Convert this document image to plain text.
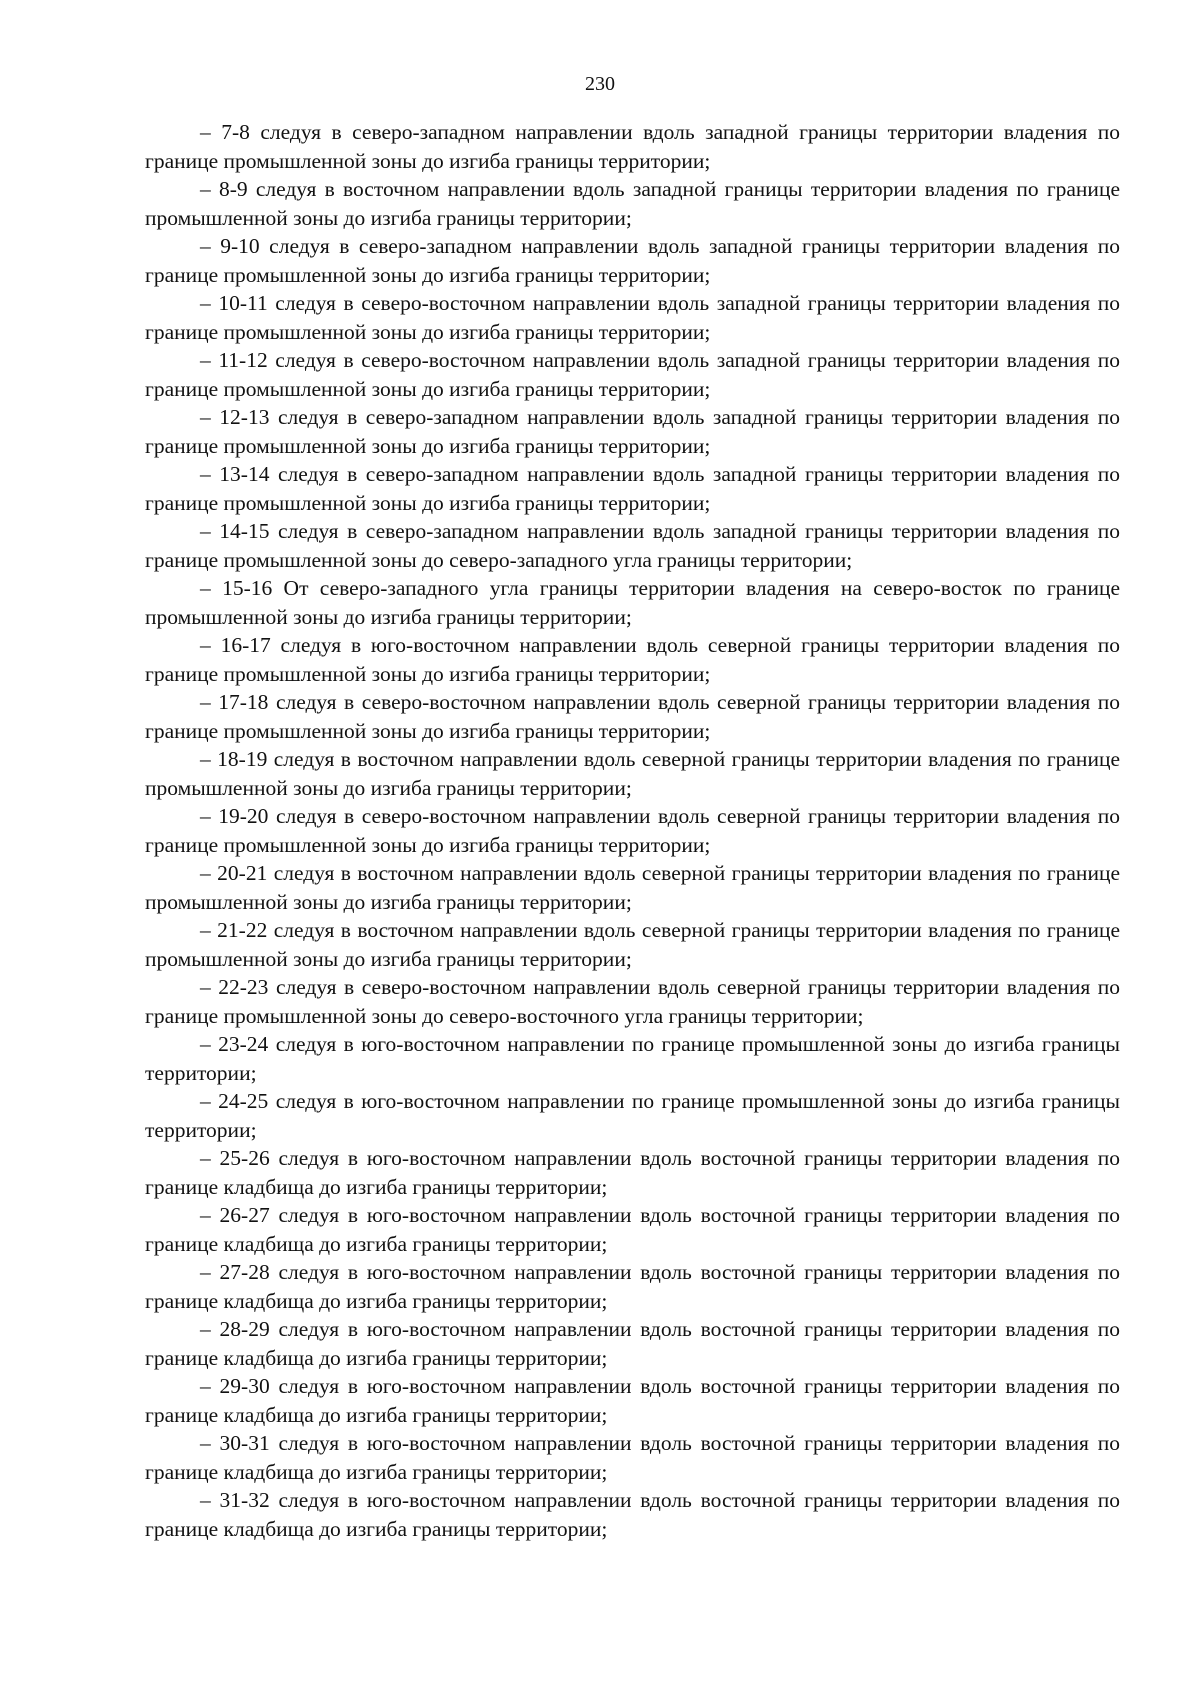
230

– 7-8 следуя в северо-западном направлении вдоль западной границы территории владения по границе промышленной зоны до изгиба границы территории;

– 8-9 следуя в восточном направлении вдоль западной границы территории владения по границе промышленной зоны до изгиба границы территории;

– 9-10 следуя в северо-западном направлении вдоль западной границы территории владения по границе промышленной зоны до изгиба границы территории;

– 10-11 следуя в северо-восточном направлении вдоль западной границы территории владения по границе промышленной зоны до изгиба границы территории;

– 11-12 следуя в северо-восточном направлении вдоль западной границы территории владения по границе промышленной зоны до изгиба границы территории;

– 12-13 следуя в северо-западном направлении вдоль западной границы территории владения по границе промышленной зоны до изгиба границы территории;

– 13-14 следуя в северо-западном направлении вдоль западной границы территории владения по границе промышленной зоны до изгиба границы территории;

– 14-15 следуя в северо-западном направлении вдоль западной границы территории владения по границе промышленной зоны до северо-западного угла границы территории;

– 15-16 От северо-западного угла границы территории владения на северо-восток по границе промышленной зоны до изгиба границы территории;

– 16-17 следуя в юго-восточном направлении вдоль северной границы территории владения по границе промышленной зоны до изгиба границы территории;

– 17-18 следуя в северо-восточном направлении вдоль северной границы территории владения по границе промышленной зоны до изгиба границы территории;

– 18-19 следуя в восточном направлении вдоль северной границы территории владения по границе промышленной зоны до изгиба границы территории;

– 19-20 следуя в северо-восточном направлении вдоль северной границы территории владения по границе промышленной зоны до изгиба границы территории;

– 20-21 следуя в восточном направлении вдоль северной границы территории владения по границе промышленной зоны до изгиба границы территории;

– 21-22 следуя в восточном направлении вдоль северной границы территории владения по границе промышленной зоны до изгиба границы территории;

– 22-23 следуя в северо-восточном направлении вдоль северной границы территории владения по границе промышленной зоны до северо-восточного угла границы территории;

– 23-24 следуя в юго-восточном направлении по границе промышленной зоны до изгиба границы территории;

– 24-25 следуя в юго-восточном направлении по границе промышленной зоны до изгиба границы территории;

– 25-26 следуя в юго-восточном направлении вдоль восточной границы территории владения по границе кладбища до изгиба границы территории;

– 26-27 следуя в юго-восточном направлении вдоль восточной границы территории владения по границе кладбища до изгиба границы территории;

– 27-28 следуя в юго-восточном направлении вдоль восточной границы территории владения по границе кладбища до изгиба границы территории;

– 28-29 следуя в юго-восточном направлении вдоль восточной границы территории владения по границе кладбища до изгиба границы территории;

– 29-30 следуя в юго-восточном направлении вдоль восточной границы территории владения по границе кладбища до изгиба границы территории;

– 30-31 следуя в юго-восточном направлении вдоль восточной границы территории владения по границе кладбища до изгиба границы территории;

– 31-32 следуя в юго-восточном направлении вдоль восточной границы территории владения по границе кладбища до изгиба границы территории;
